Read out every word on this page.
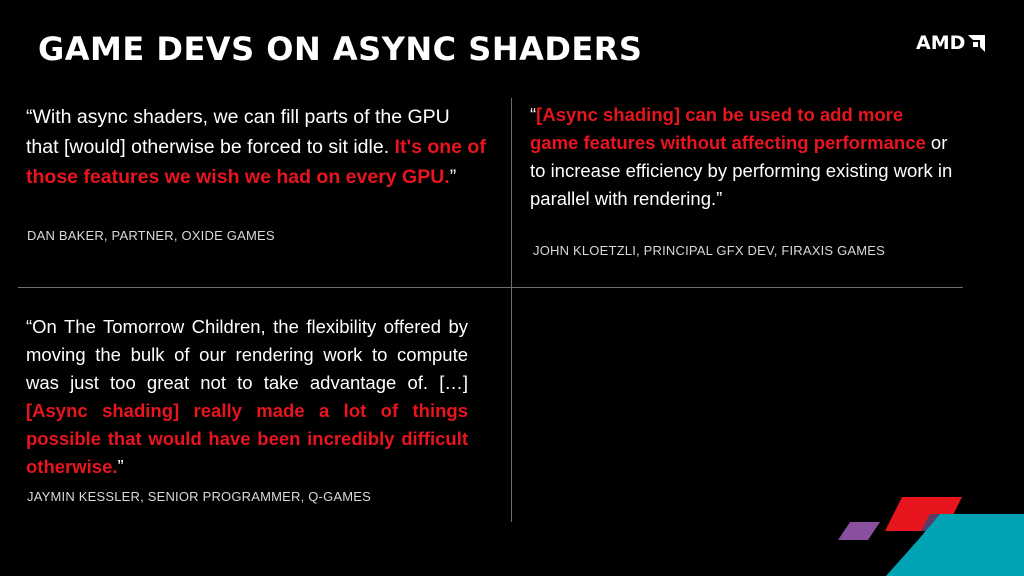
GAME DEVS ON ASYNC SHADERS	AMD

“With async shaders, we can fill parts of the GPU that [would] otherwise be forced to sit idle. It's one of those features we wish we had on every GPU.”

DAN BAKER, PARTNER, OXIDE GAMES

“[Async shading] can be used to add more game features without affecting performance or to increase efficiency by performing existing work in parallel with rendering.”

JOHN KLOETZLI, PRINCIPAL GFX DEV, FIRAXIS GAMES

“On The Tomorrow Children, the flexibility offered by moving the bulk of our rendering work to compute was just too great not to take advantage of. […] [Async shading] really made a lot of things possible that would have been incredibly difficult otherwise.”

JAYMIN KESSLER, SENIOR PROGRAMMER, Q-GAMES
